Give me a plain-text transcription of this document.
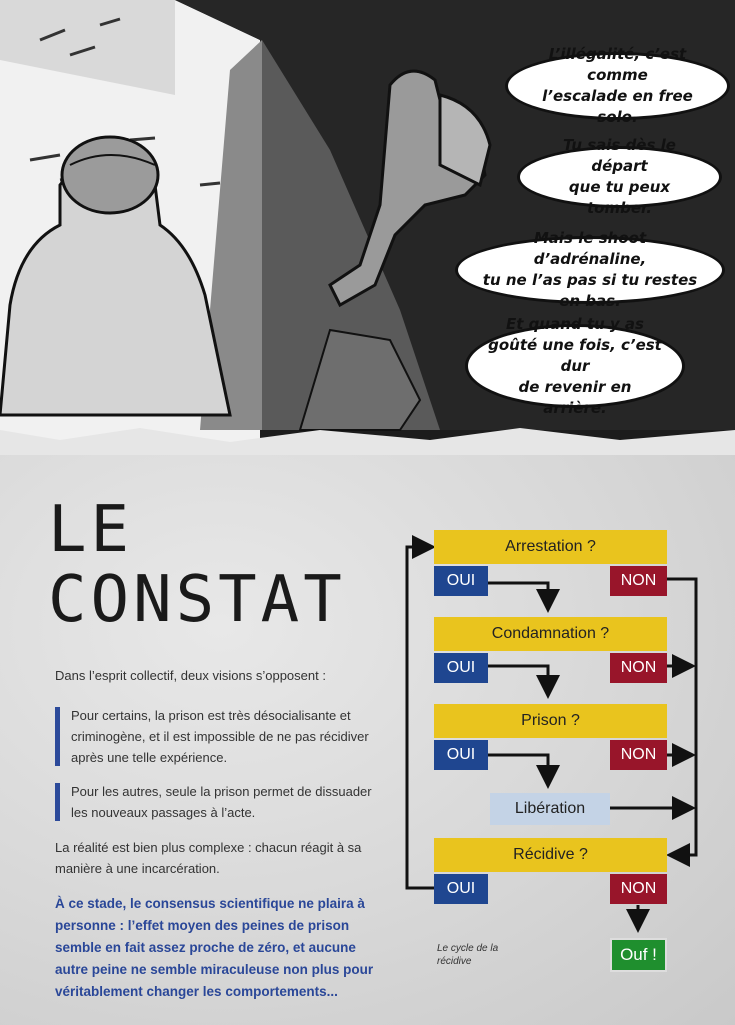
L’illégalité, c’est comme
l’escalade en free solo.
Tu sais dès le départ
que tu peux tomber.
Mais le shoot d’adrénaline,
tu ne l’as pas si tu restes en bas.
Et quand tu y as
goûté une fois, c’est dur
de revenir en arrière.
LE
CONSTAT
Dans l’esprit collectif, deux visions s’opposent :
Pour certains, la prison est très désocialisante et criminogène, et il est impossible de ne pas récidiver après une telle expérience.
Pour les autres, seule la prison permet de dissuader les nouveaux passages à l’acte.
La réalité est bien plus complexe : chacun réagit à sa manière à une incarcération.
À ce stade, le consensus scientifique ne plaira à personne : l’effet moyen des peines de prison semble en fait assez proche de zéro, et aucune autre peine ne semble miraculeuse non plus pour véritablement changer les comportements...
Arrestation ?
OUI	NON
Condamnation ?
OUI	NON
Prison ?
OUI	NON
Libération
Récidive ?
OUI	NON
Ouf !
Le cycle de la récidive
